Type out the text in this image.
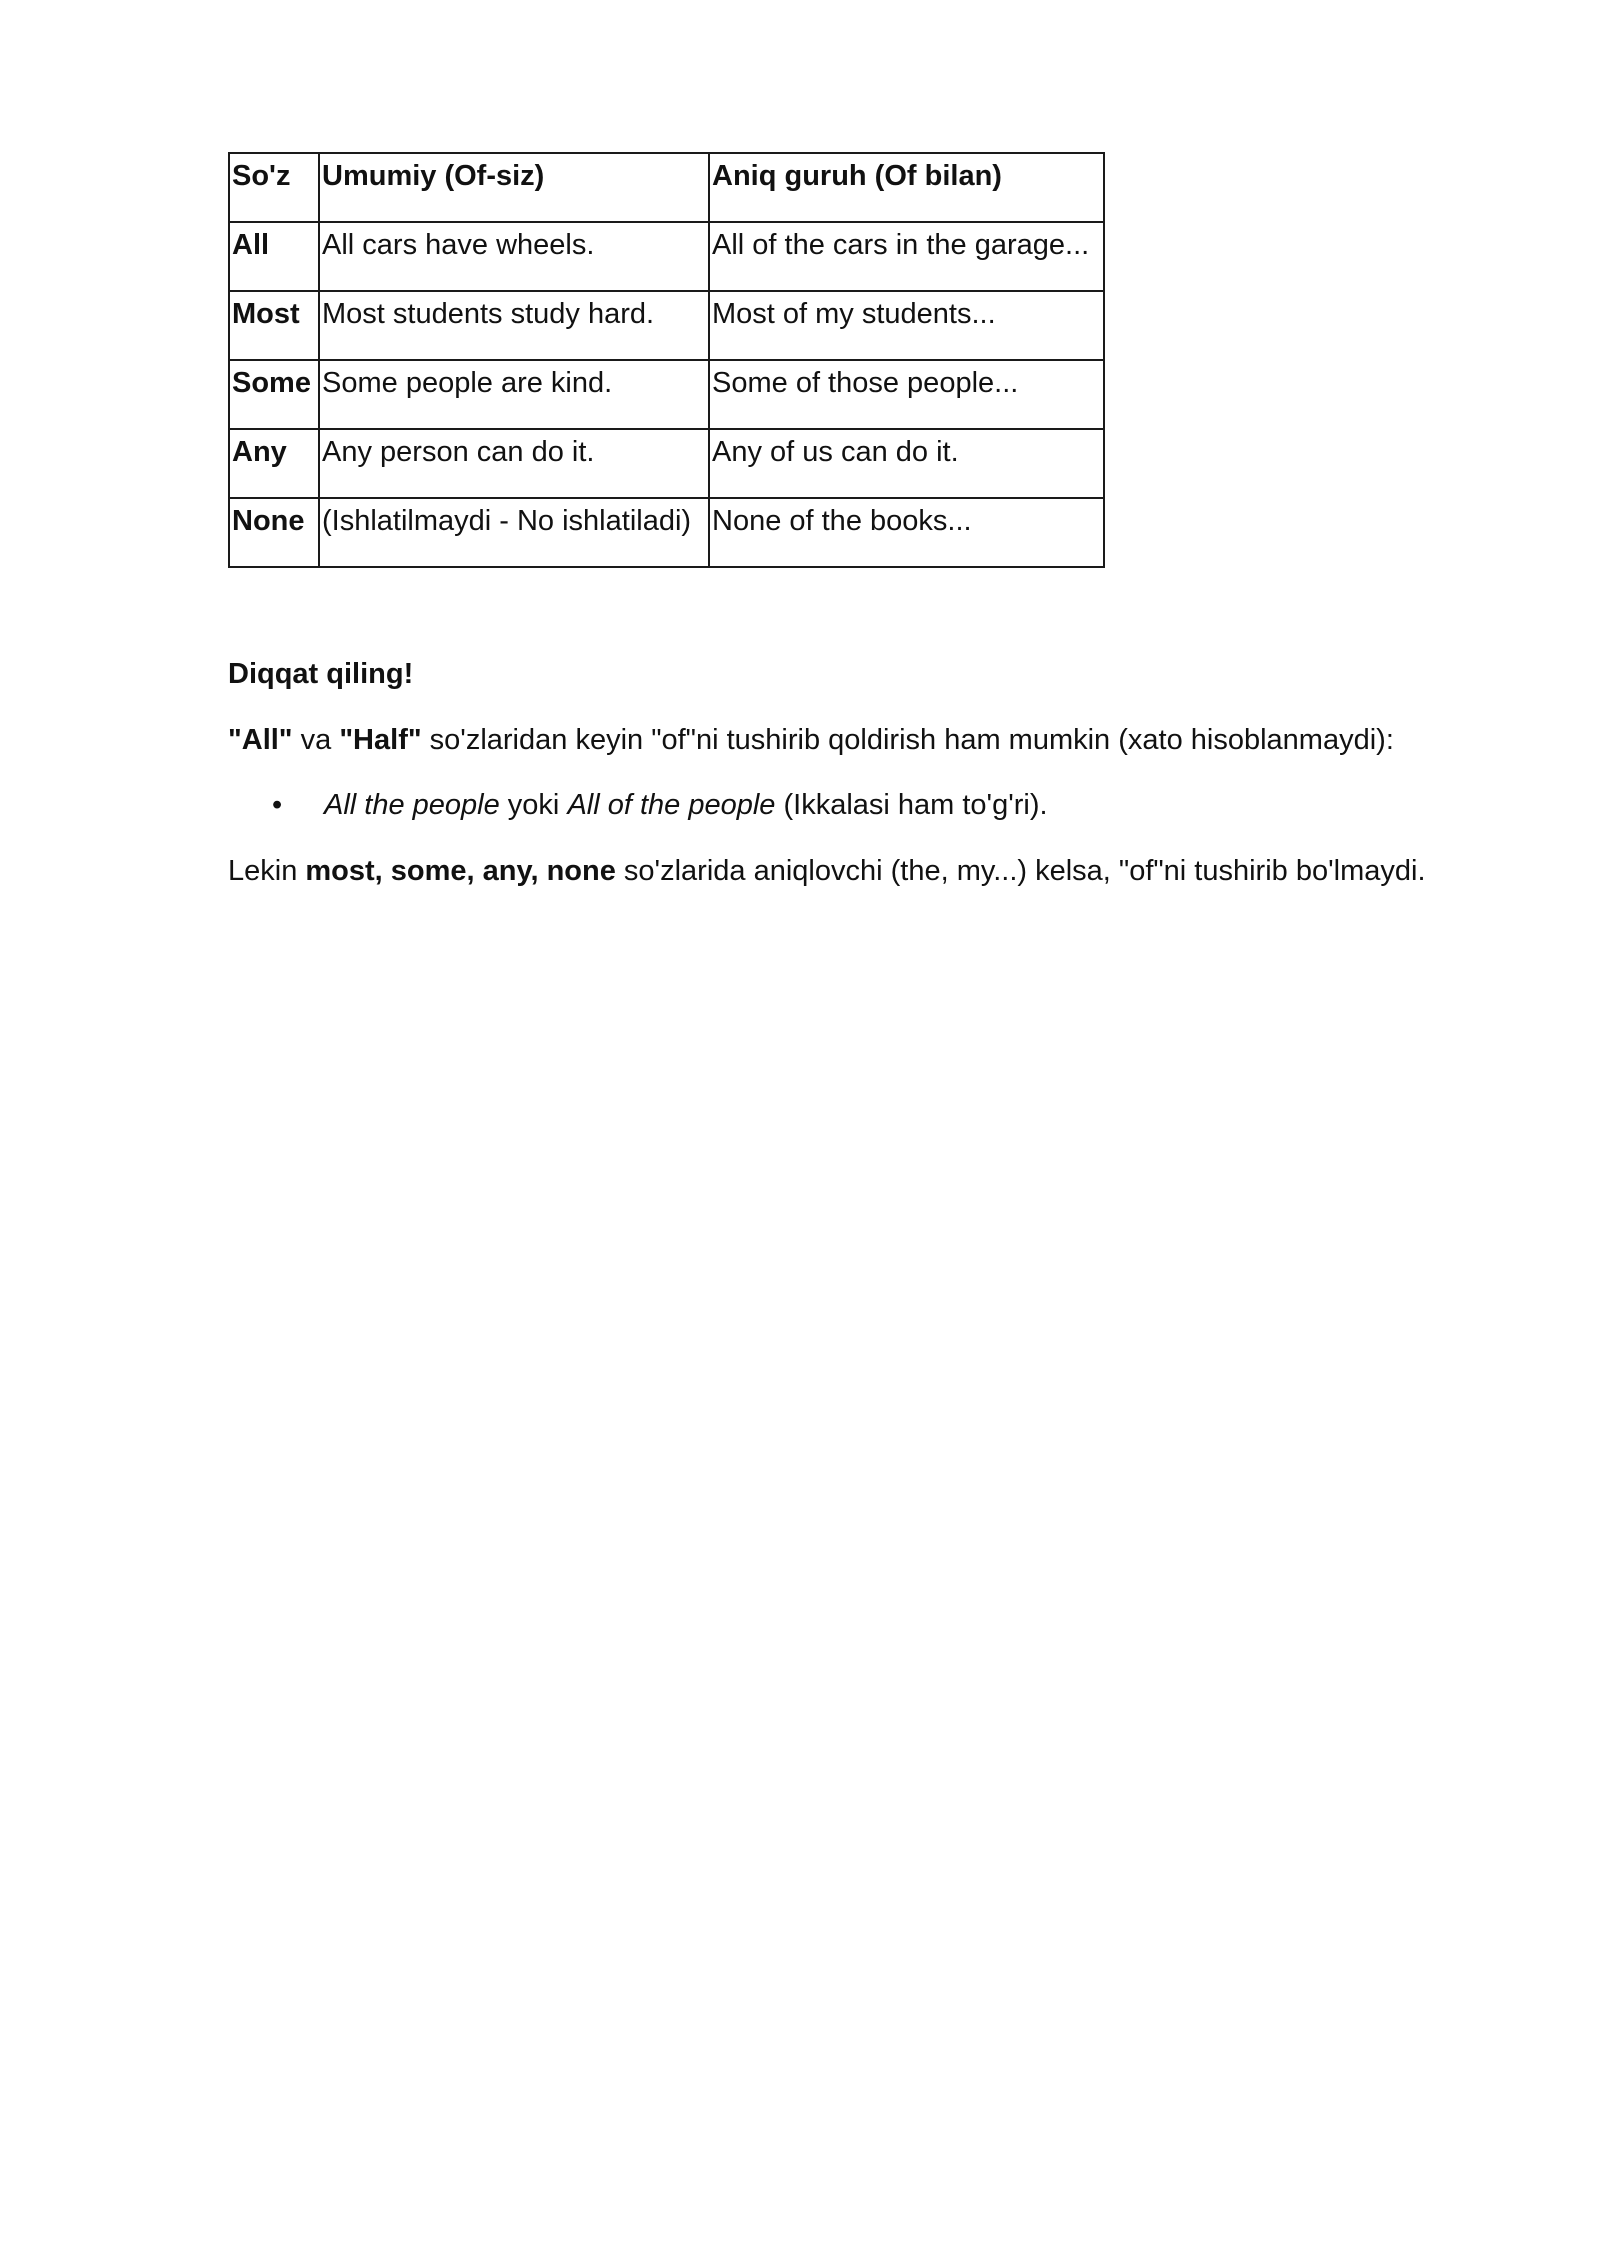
So'z	Umumiy (Of-siz)	Aniq guruh (Of bilan)
All	All cars have wheels.	All of the cars in the garage...
Most	Most students study hard.	Most of my students...
Some	Some people are kind.	Some of those people...
Any	Any person can do it.	Any of us can do it.
None	(Ishlatilmaydi - No ishlatiladi)	None of the books...

Diqqat qiling!

"All" va "Half" so'zlaridan keyin "of"ni tushirib qoldirish ham mumkin (xato hisoblanmaydi):

• All the people yoki All of the people (Ikkalasi ham to'g'ri).

Lekin most, some, any, none so'zlarida aniqlovchi (the, my...) kelsa, "of"ni tushirib bo'lmaydi.
